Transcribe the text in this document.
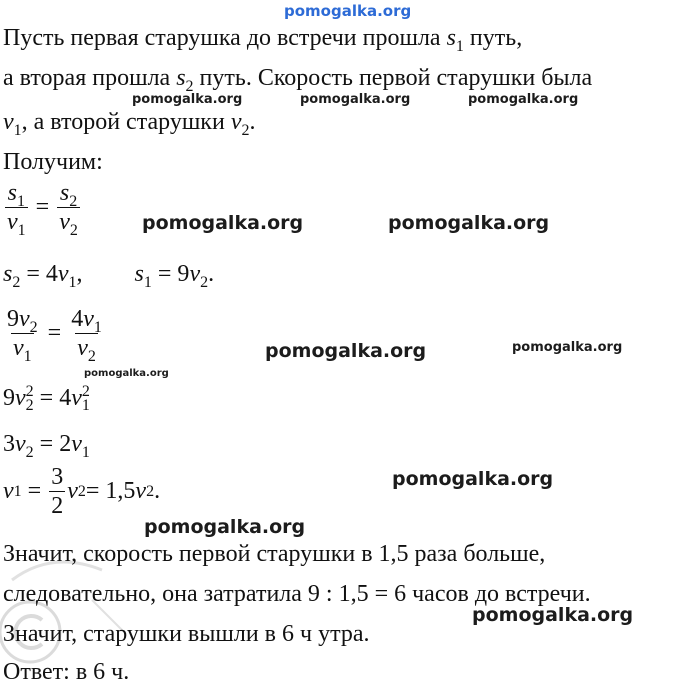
pomogalka.org
Пусть первая старушка до встречи прошла $s_1$ путь,
а вторая прошла $s_2$ путь. Скорость первой старушки была
pomogalka.org	pomogalka.org	pomogalka.org
$v_1$, а второй старушки $v_2$.
Получим:
$\frac{s_1}{v_1} = \frac{s_2}{v_2}$	pomogalka.org	pomogalka.org
$s_2 = 4v_1$, $s_1 = 9v_2$.
$\frac{9v_2}{v_1} = \frac{4v_1}{v_2}$	pomogalka.org	pomogalka.org
pomogalka.org
9v 2
2 = 4v 2
1
$3v_2 = 2v_1$
pomogalka.org
v $1 = \frac{3}{2}$ v 2 = 1,5 v 2 .
pomogalka.org
Значит, скорость первой старушки в 1,5 раза больше,
следовательно, она затратила 9 : 1,5 = 6 часов до встречи.
pomogalka.org
Значит, старушки вышли в 6 ч утра.
Ответ: в 6 ч.
